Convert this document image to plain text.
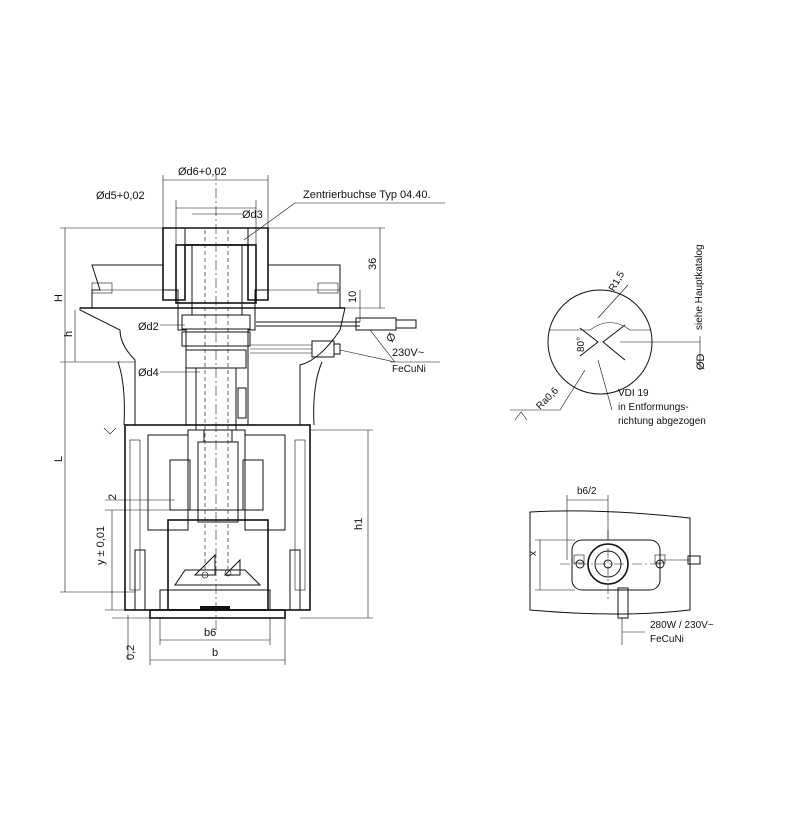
Ød6+0,02
Ød5+0,02
Ød3
Zentrierbuchse Typ 04.40.
36
10
H
h
Ød2
Ød4
Ø
230V~
FeCuNi
L
2
y ± 0,01
h1
b6
b
0,2
R1,5
80°
siehe Hauptkatalog
ØD
Ra0,6	VDI 19
in Entformungs-
richtung abgezogen
b6/2
x
280W / 230V~
FeCuNi
